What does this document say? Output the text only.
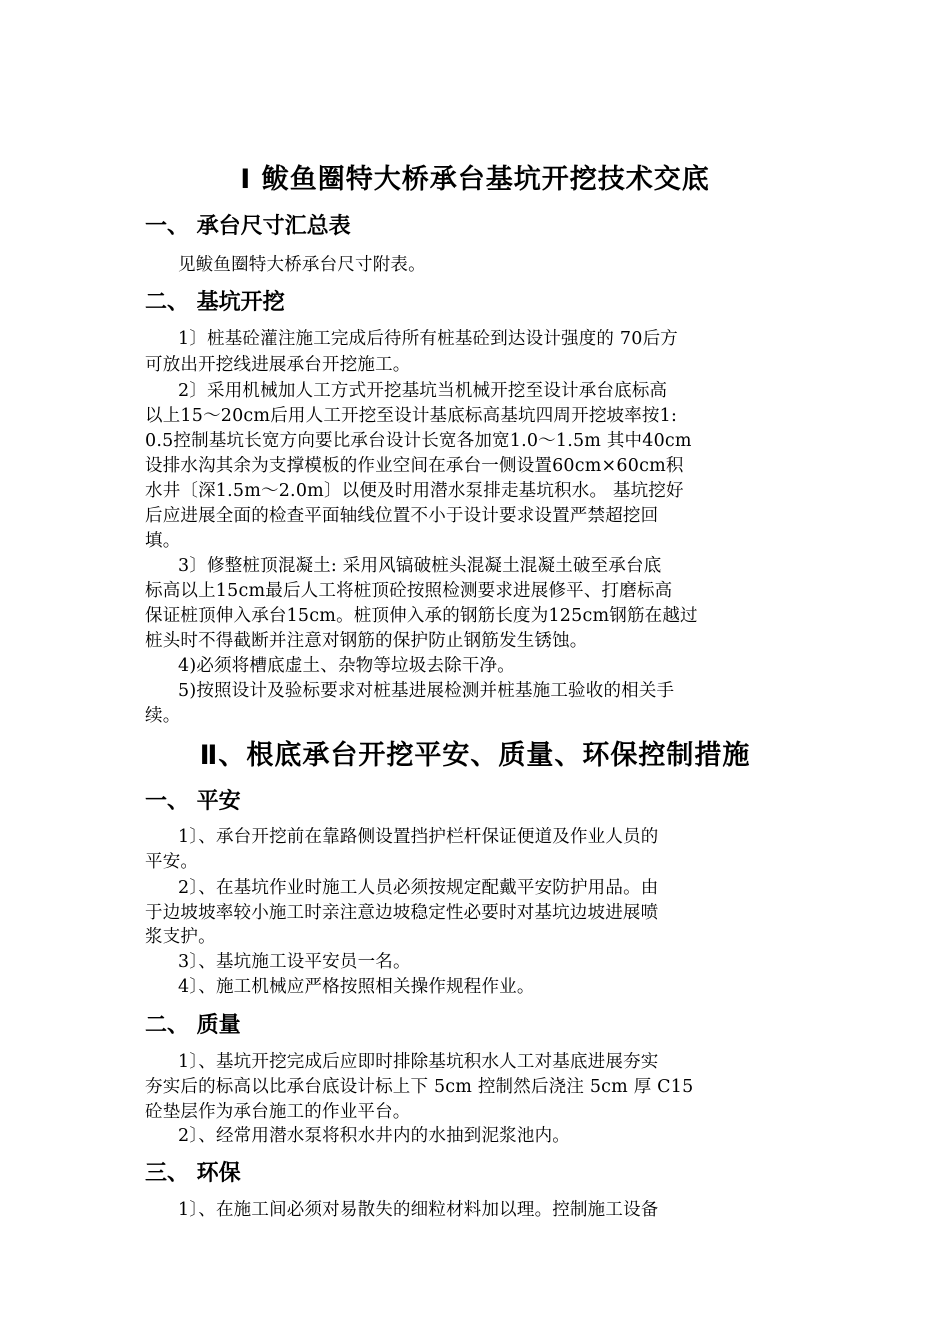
Ⅰ 鲅鱼圈特大桥承台基坑开挖技术交底
一、 承台尺寸汇总表
见鲅鱼圈特大桥承台尺寸附表。
二、 基坑开挖
1〕桩基砼灌注施工完成后待所有桩基砼到达设计强度的 70后方
可放出开挖线进展承台开挖施工。
2〕采用机械加人工方式开挖基坑当机械开挖至设计承台底标高
以上15～20cm后用人工开挖至设计基底标高基坑四周开挖坡率按1:
0.5控制基坑长宽方向要比承台设计长宽各加宽1.0～1.5m 其中40cm
设排水沟其余为支撑模板的作业空间在承台一侧设置60cm×60cm积
水井〔深1.5m～2.0m〕以便及时用潜水泵排走基坑积水。 基坑挖好
后应进展全面的检查平面轴线位置不小于设计要求设置严禁超挖回
填。
3〕修整桩顶混凝土: 采用风镐破桩头混凝土混凝土破至承台底
标高以上15cm最后人工将桩顶砼按照检测要求进展修平、打磨标高
保证桩顶伸入承台15cm。桩顶伸入承的钢筋长度为125cm钢筋在越过
桩头时不得截断并注意对钢筋的保护防止钢筋发生锈蚀。
4)必须将槽底虚土、杂物等垃圾去除干净。
5)按照设计及验标要求对桩基进展检测并桩基施工验收的相关手
续。
Ⅱ、根底承台开挖平安、质量、环保控制措施
一、 平安
1〕、承台开挖前在靠路侧设置挡护栏杆保证便道及作业人员的
平安。
2〕、在基坑作业时施工人员必须按规定配戴平安防护用品。由
于边坡坡率较小施工时亲注意边坡稳定性必要时对基坑边坡进展喷
浆支护。
3〕、基坑施工设平安员一名。
4〕、施工机械应严格按照相关操作规程作业。
二、 质量
1〕、基坑开挖完成后应即时排除基坑积水人工对基底进展夯实
夯实后的标高以比承台底设计标上下 5cm 控制然后浇注 5cm 厚 C15
砼垫层作为承台施工的作业平台。
2〕、经常用潜水泵将积水井内的水抽到泥浆池内。
三、 环保
1〕、在施工间必须对易散失的细粒材料加以理。控制施工设备
